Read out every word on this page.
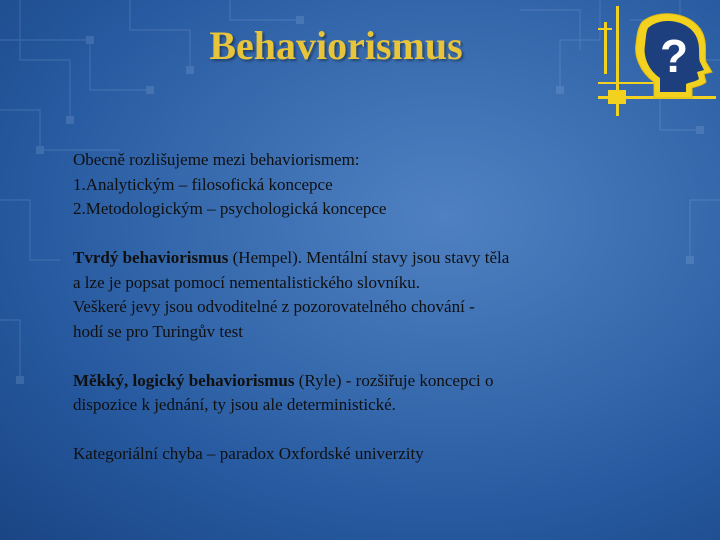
Behaviorismus	?

Obecně rozlišujeme mezi behaviorismem:
1.Analytickým – filosofická koncepce
2.Metodologickým – psychologická koncepce

Tvrdý behaviorismus (Hempel). Mentální stavy jsou stavy těla
a lze je popsat pomocí nementalistického slovníku.
Veškeré jevy jsou odvoditelné z pozorovatelného chování -
hodí se pro Turingův test

Měkký, logický behaviorismus (Ryle) - rozšiřuje koncepci o
dispozice k jednání, ty jsou ale deterministické.

Kategoriální chyba – paradox Oxfordské univerzity
